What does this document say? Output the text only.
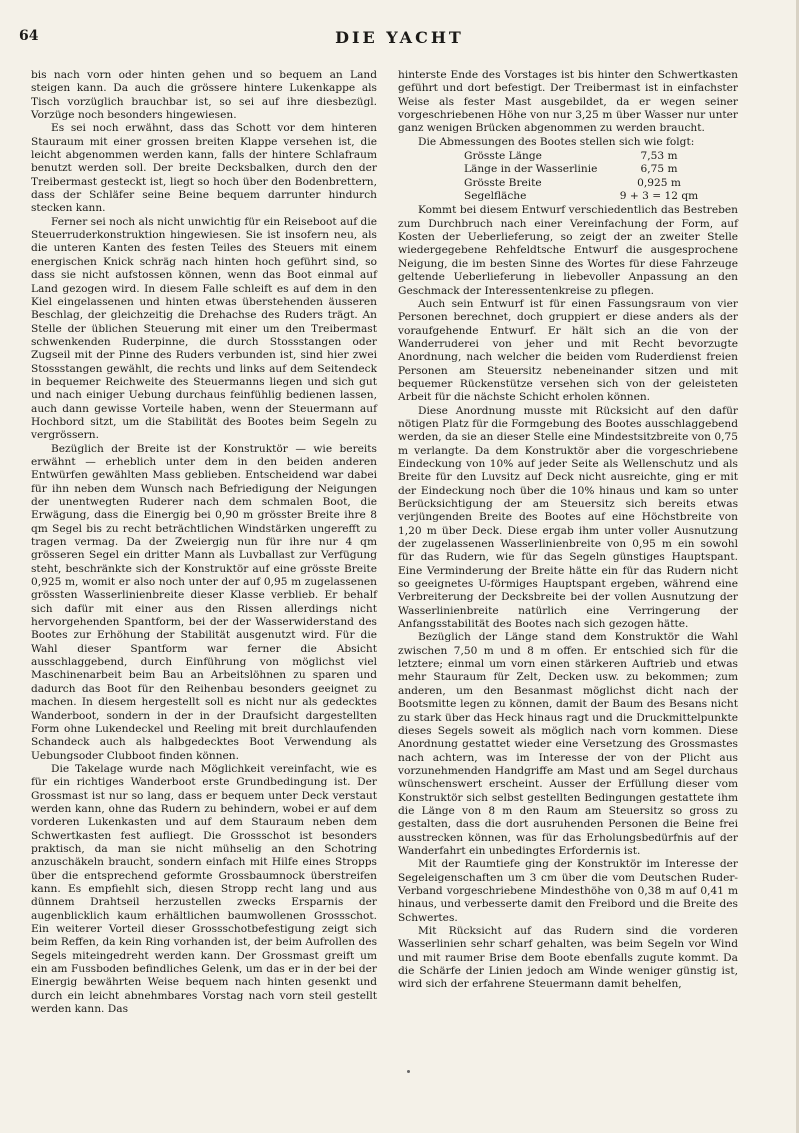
64	DIE YACHT

bis nach vorn oder hinten gehen und so bequem an Land steigen kann. Da auch die grössere hintere Lukenkappe als Tisch vorzüglich brauchbar ist, so sei auf ihre diesbezügl. Vorzüge noch besonders hingewiesen.

Es sei noch erwähnt, dass das Schott vor dem hinteren Stauraum mit einer grossen breiten Klappe versehen ist, die leicht abgenommen werden kann, falls der hintere Schlafraum benutzt werden soll. Der breite Decksbalken, durch den der Treibermast gesteckt ist, liegt so hoch über den Bodenbrettern, dass der Schläfer seine Beine bequem darrunter hindurch stecken kann.

Ferner sei noch als nicht unwichtig für ein Reiseboot auf die Steuerruderkonstruktion hingewiesen. Sie ist insofern neu, als die unteren Kanten des festen Teiles des Steuers mit einem energischen Knick schräg nach hinten hoch geführt sind, so dass sie nicht aufstossen können, wenn das Boot einmal auf Land gezogen wird. In diesem Falle schleift es auf dem in den Kiel eingelassenen und hinten etwas überstehenden äusseren Beschlag, der gleichzeitig die Drehachse des Ruders trägt. An Stelle der üblichen Steuerung mit einer um den Treibermast schwenkenden Ruderpinne, die durch Stossstangen oder Zugseil mit der Pinne des Ruders verbunden ist, sind hier zwei Stossstangen gewählt, die rechts und links auf dem Seitendeck in bequemer Reichweite des Steuermanns liegen und sich gut und nach einiger Uebung durchaus feinfühlig bedienen lassen, auch dann gewisse Vorteile haben, wenn der Steuermann auf Hochbord sitzt, um die Stabilität des Bootes beim Segeln zu vergrössern.

Bezüglich der Breite ist der Konstruktör — wie bereits erwähnt — erheblich unter dem in den beiden anderen Entwürfen gewählten Mass geblieben. Entscheidend war dabei für ihn neben dem Wunsch nach Befriedigung der Neigungen der unentwegten Ruderer nach dem schmalen Boot, die Erwägung, dass die Einergig bei 0,90 m grösster Breite ihre 8 qm Segel bis zu recht beträchtlichen Windstärken ungerefft zu tragen vermag. Da der Zweiergig nun für ihre nur 4 qm grösseren Segel ein dritter Mann als Luvballast zur Verfügung steht, beschränkte sich der Konstruktör auf eine grösste Breite 0,925 m, womit er also noch unter der auf 0,95 m zugelassenen grössten Wasserlinienbreite dieser Klasse verblieb. Er behalf sich dafür mit einer aus den Rissen allerdings nicht hervorgehenden Spantform, bei der der Wasserwiderstand des Bootes zur Erhöhung der Stabilität ausgenutzt wird. Für die Wahl dieser Spantform war ferner die Absicht ausschlaggebend, durch Einführung von möglichst viel Maschinenarbeit beim Bau an Arbeitslöhnen zu sparen und dadurch das Boot für den Reihenbau besonders geeignet zu machen. In diesem hergestellt soll es nicht nur als gedecktes Wanderboot, sondern in der in der Draufsicht dargestellten Form ohne Lukendeckel und Reeling mit breit durchlaufenden Schandeck auch als halbgedecktes Boot Verwendung als Uebungsoder Clubboot finden können.

Die Takelage wurde nach Möglichkeit vereinfacht, wie es für ein richtiges Wanderboot erste Grundbedingung ist. Der Grossmast ist nur so lang, dass er bequem unter Deck verstaut werden kann, ohne das Rudern zu behindern, wobei er auf dem vorderen Lukenkasten und auf dem Stauraum neben dem Schwertkasten fest aufliegt. Die Grossschot ist besonders praktisch, da man sie nicht mühselig an den Schotring anzuschäkeln braucht, sondern einfach mit Hilfe eines Stropps über die entsprechend geformte Grossbaumnock überstreifen kann. Es empfiehlt sich, diesen Stropp recht lang und aus dünnem Drahtseil herzustellen zwecks Ersparnis der augenblicklich kaum erhältlichen baumwollenen Grossschot. Ein weiterer Vorteil dieser Grossschotbefestigung zeigt sich beim Reffen, da kein Ring vorhanden ist, der beim Aufrollen des Segels miteingedreht werden kann. Der Grossmast greift um ein am Fussboden befindliches Gelenk, um das er in der bei der Einergig bewährten Weise bequem nach hinten gesenkt und durch ein leicht abnehmbares Vorstag nach vorn steil gestellt werden kann. Das

hinterste Ende des Vorstages ist bis hinter den Schwertkasten geführt und dort befestigt. Der Treibermast ist in einfachster Weise als fester Mast ausgebildet, da er wegen seiner vorgeschriebenen Höhe von nur 3,25 m über Wasser nur unter ganz wenigen Brücken abgenommen zu werden braucht.

Die Abmessungen des Bootes stellen sich wie folgt:

Grösste Länge	7,53 m
Länge in der Wasserlinie	6,75 m
Grösste Breite	0,925 m
Segelfläche	9 + 3 = 12 qm

Kommt bei diesem Entwurf verschiedentlich das Bestreben zum Durchbruch nach einer Vereinfachung der Form, auf Kosten der Ueberlieferung, so zeigt der an zweiter Stelle wiedergegebene Rehfeldtsche Entwurf die ausgesprochene Neigung, die im besten Sinne des Wortes für diese Fahrzeuge geltende Ueberlieferung in liebevoller Anpassung an den Geschmack der Interessentenkreise zu pflegen.

Auch sein Entwurf ist für einen Fassungsraum von vier Personen berechnet, doch gruppiert er diese anders als der voraufgehende Entwurf. Er hält sich an die von der Wanderruderei von jeher und mit Recht bevorzugte Anordnung, nach welcher die beiden vom Ruderdienst freien Personen am Steuersitz nebeneinander sitzen und mit bequemer Rückenstütze versehen sich von der geleisteten Arbeit für die nächste Schicht erholen können.

Diese Anordnung musste mit Rücksicht auf den dafür nötigen Platz für die Formgebung des Bootes ausschlaggebend werden, da sie an dieser Stelle eine Mindestsitzbreite von 0,75 m verlangte. Da dem Konstruktör aber die vorgeschriebene Eindeckung von 10% auf jeder Seite als Wellenschutz und als Breite für den Luvsitz auf Deck nicht ausreichte, ging er mit der Eindeckung noch über die 10% hinaus und kam so unter Berücksichtigung der am Steuersitz sich bereits etwas verjüngenden Breite des Bootes auf eine Höchstbreite von 1,20 m über Deck. Diese ergab ihm unter voller Ausnutzung der zugelassenen Wasserlinienbreite von 0,95 m ein sowohl für das Rudern, wie für das Segeln günstiges Hauptspant. Eine Verminderung der Breite hätte ein für das Rudern nicht so geeignetes U-förmiges Hauptspant ergeben, während eine Verbreiterung der Decksbreite bei der vollen Ausnutzung der Wasserlinienbreite natürlich eine Verringerung der Anfangsstabilität des Bootes nach sich gezogen hätte.

Bezüglich der Länge stand dem Konstruktör die Wahl zwischen 7,50 m und 8 m offen. Er entschied sich für die letztere; einmal um vorn einen stärkeren Auftrieb und etwas mehr Stauraum für Zelt, Decken usw. zu bekommen; zum anderen, um den Besanmast möglichst dicht nach der Bootsmitte legen zu können, damit der Baum des Besans nicht zu stark über das Heck hinaus ragt und die Druckmittelpunkte dieses Segels soweit als möglich nach vorn kommen. Diese Anordnung gestattet wieder eine Versetzung des Grossmastes nach achtern, was im Interesse der von der Plicht aus vorzunehmenden Handgriffe am Mast und am Segel durchaus wünschenswert erscheint. Ausser der Erfüllung dieser vom Konstruktör sich selbst gestellten Bedingungen gestattete ihm die Länge von 8 m den Raum am Steuersitz so gross zu gestalten, dass die dort ausruhenden Personen die Beine frei ausstrecken können, was für das Erholungsbedürfnis auf der Wanderfahrt ein unbedingtes Erfordernis ist.

Mit der Raumtiefe ging der Konstruktör im Interesse der Segeleigenschaften um 3 cm über die vom Deutschen Ruder-Verband vorgeschriebene Mindesthöhe von 0,38 m auf 0,41 m hinaus, und verbesserte damit den Freibord und die Breite des Schwertes.

Mit Rücksicht auf das Rudern sind die vorderen Wasserlinien sehr scharf gehalten, was beim Segeln vor Wind und mit raumer Brise dem Boote ebenfalls zugute kommt. Da die Schärfe der Linien jedoch am Winde weniger günstig ist, wird sich der erfahrene Steuermann damit behelfen,
